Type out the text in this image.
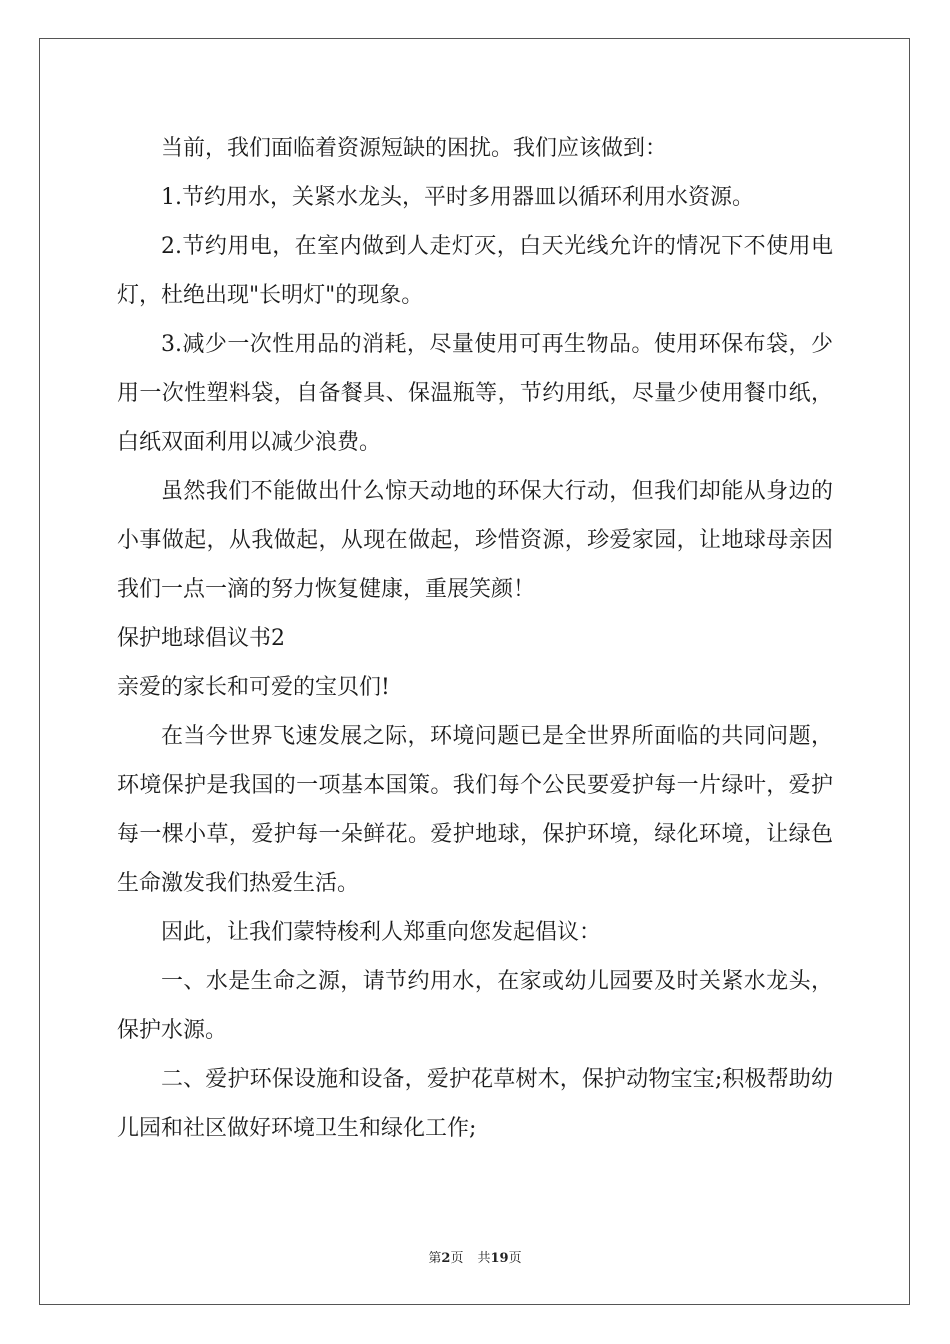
当前，我们面临着资源短缺的困扰。我们应该做到：

1.节约用水，关紧水龙头，平时多用器皿以循环利用水资源。

2.节约用电，在室内做到人走灯灭，白天光线允许的情况下不使用电灯，杜绝出现"长明灯"的现象。

3.减少一次性用品的消耗，尽量使用可再生物品。使用环保布袋，少用一次性塑料袋，自备餐具、保温瓶等，节约用纸，尽量少使用餐巾纸，白纸双面利用以减少浪费。

虽然我们不能做出什么惊天动地的环保大行动，但我们却能从身边的小事做起，从我做起，从现在做起，珍惜资源，珍爱家园，让地球母亲因我们一点一滴的努力恢复健康，重展笑颜！

保护地球倡议书2

亲爱的家长和可爱的宝贝们!

在当今世界飞速发展之际，环境问题已是全世界所面临的共同问题，环境保护是我国的一项基本国策。我们每个公民要爱护每一片绿叶，爱护每一棵小草，爱护每一朵鲜花。爱护地球，保护环境，绿化环境，让绿色生命激发我们热爱生活。

因此，让我们蒙特梭利人郑重向您发起倡议：

一、水是生命之源，请节约用水，在家或幼儿园要及时关紧水龙头，保护水源。

二、爱护环保设施和设备，爱护花草树木，保护动物宝宝;积极帮助幼儿园和社区做好环境卫生和绿化工作;

第2页 共19页
